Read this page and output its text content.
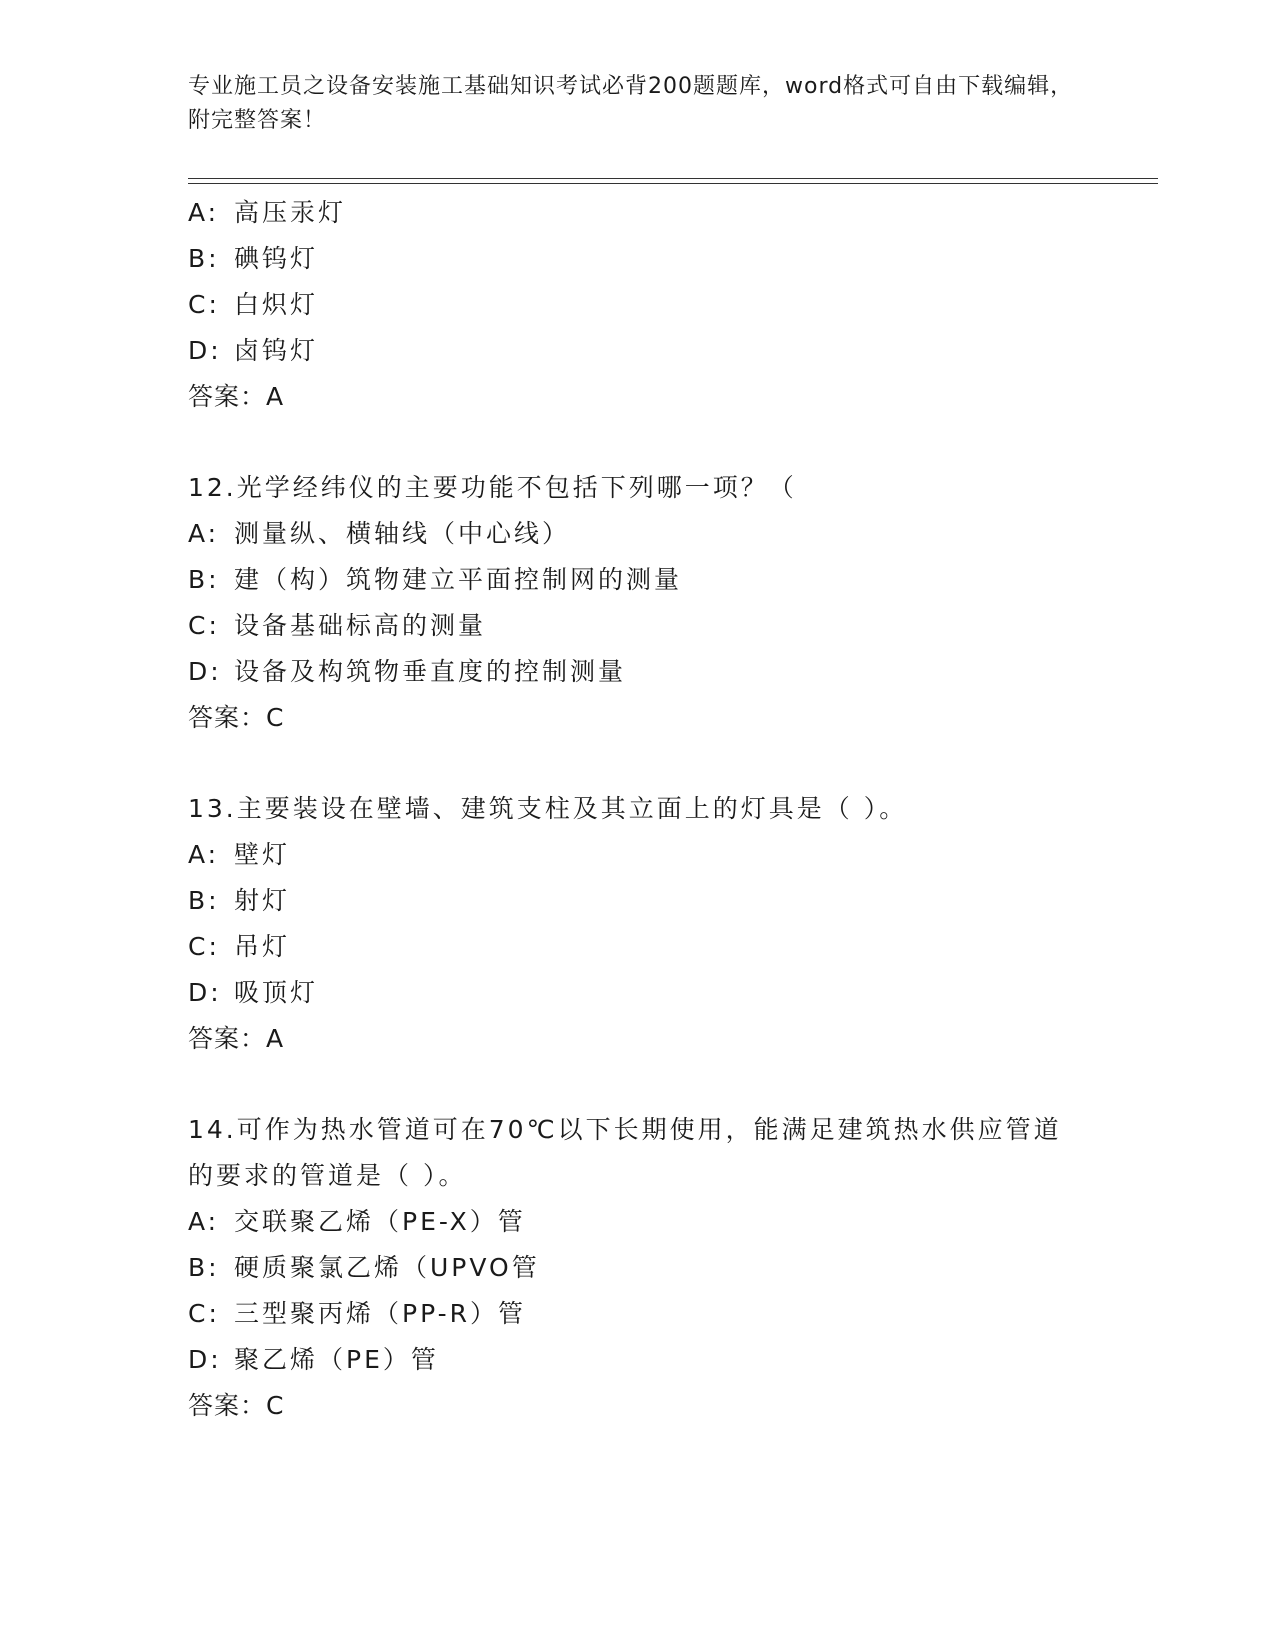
专业施工员之设备安装施工基础知识考试必背200题题库，word格式可自由下载编辑，附完整答案！
A: 高压汞灯
B: 碘钨灯
C: 白炽灯
D: 卤钨灯
答案：A
12.光学经纬仪的主要功能不包括下列哪一项？（
A: 测量纵、横轴线（中心线）
B: 建（构）筑物建立平面控制网的测量
C: 设备基础标高的测量
D: 设备及构筑物垂直度的控制测量
答案：C
13.主要装设在壁墙、建筑支柱及其立面上的灯具是（ ）。
A: 壁灯
B: 射灯
C: 吊灯
D: 吸顶灯
答案：A
14.可作为热水管道可在70℃以下长期使用，能满足建筑热水供应管道的要求的管道是（ ）。
A: 交联聚乙烯（PE-X）管
B: 硬质聚氯乙烯（UPVO管
C: 三型聚丙烯（PP-R）管
D: 聚乙烯（PE）管
答案：C
